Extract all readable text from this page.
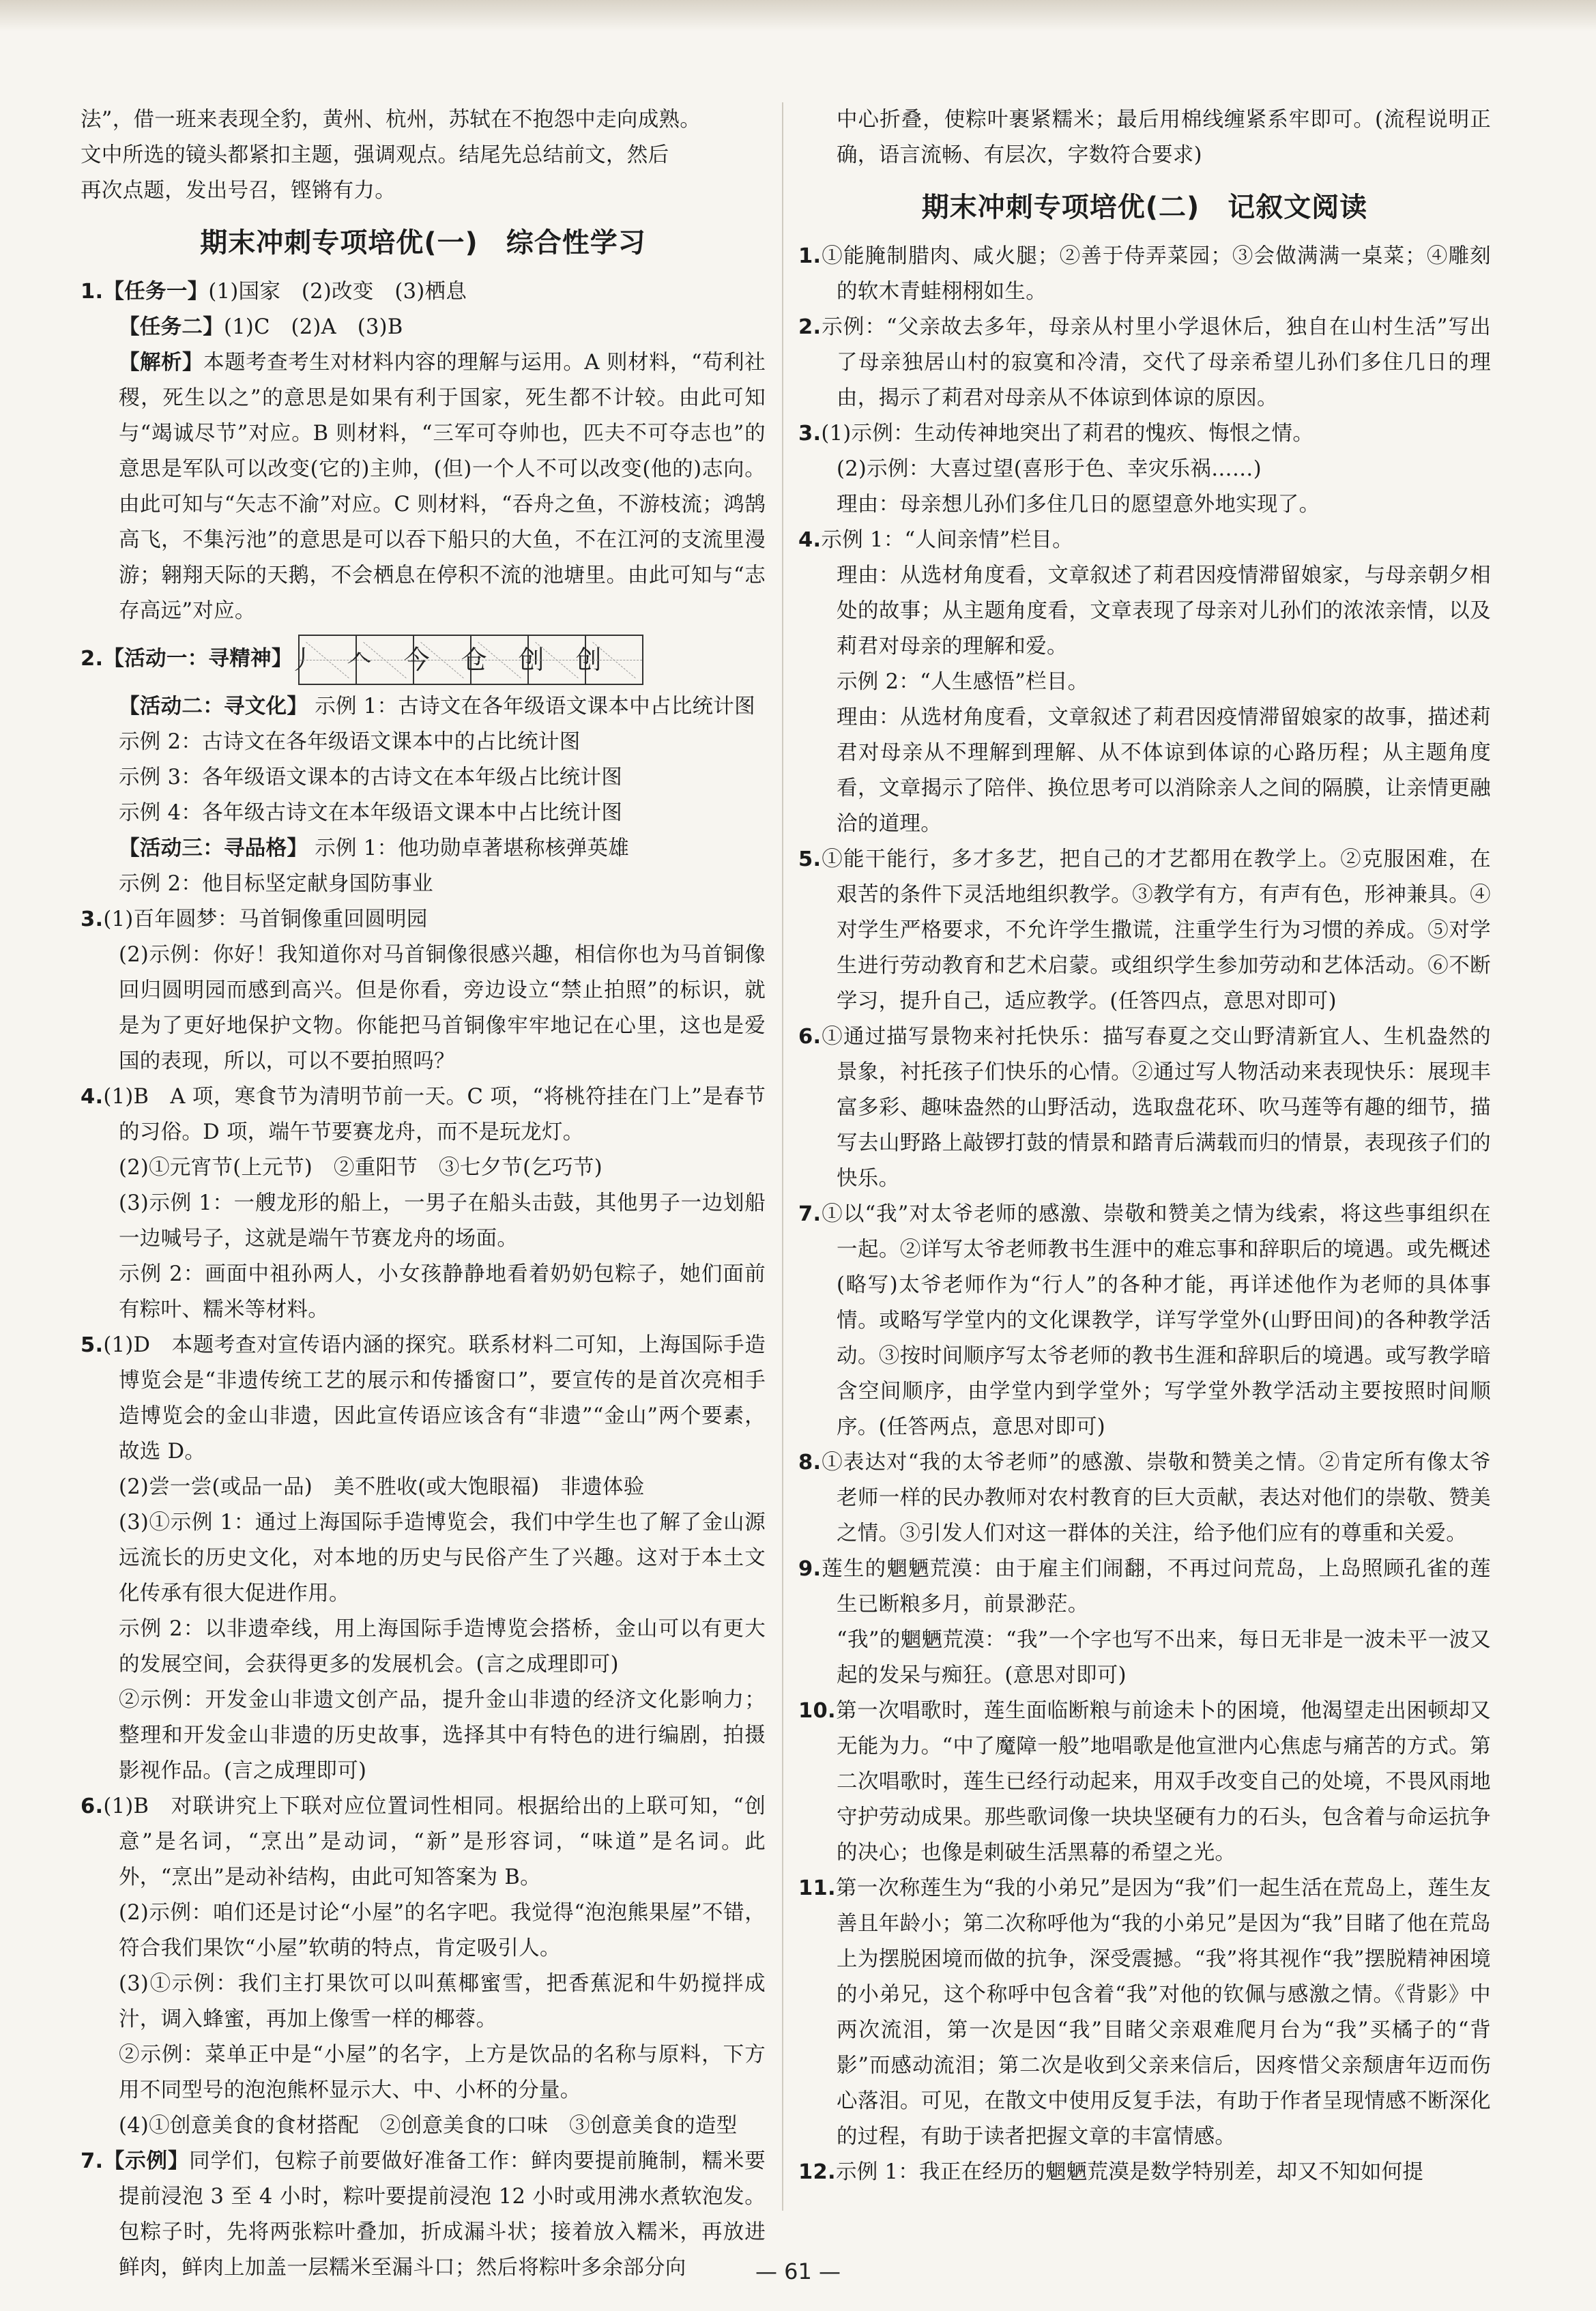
法”，借一班来表现全豹，黄州、杭州，苏轼在不抱怨中走向成熟。

文中所选的镜头都紧扣主题，强调观点。结尾先总结前文，然后

再次点题，发出号召，铿锵有力。

期末冲刺专项培优(一)　综合性学习

1.【任务一】(1)国家　(2)改变　(3)栖息

【任务二】(1)C　(2)A　(3)B

【解析】本题考查考生对材料内容的理解与运用。A 则材料，“苟利社稷，死生以之”的意思是如果有利于国家，死生都不计较。由此可知与“竭诚尽节”对应。B 则材料，“三军可夺帅也，匹夫不可夺志也”的意思是军队可以改变(它的)主帅，(但)一个人不可以改变(他的)志向。由此可知与“矢志不渝”对应。C 则材料，“吞舟之鱼，不游枝流；鸿鹄高飞，不集污池”的意思是可以吞下船只的大鱼，不在江河的支流里漫游；翱翔天际的天鹅，不会栖息在停积不流的池塘里。由此可知与“志存高远”对应。

2.【活动一：寻精神】
丿	𠆢	今	仓	创	创

【活动二：寻文化】 示例 1：古诗文在各年级语文课本中占比统计图

示例 2：古诗文在各年级语文课本中的占比统计图

示例 3：各年级语文课本的古诗文在本年级占比统计图

示例 4：各年级古诗文在本年级语文课本中占比统计图

【活动三：寻品格】 示例 1：他功勋卓著堪称核弹英雄

示例 2：他目标坚定献身国防事业

3.(1)百年圆梦：马首铜像重回圆明园

(2)示例：你好！我知道你对马首铜像很感兴趣，相信你也为马首铜像回归圆明园而感到高兴。但是你看，旁边设立“禁止拍照”的标识，就是为了更好地保护文物。你能把马首铜像牢牢地记在心里，这也是爱国的表现，所以，可以不要拍照吗？

4.(1)B　A 项，寒食节为清明节前一天。C 项，“将桃符挂在门上”是春节的习俗。D 项，端午节要赛龙舟，而不是玩龙灯。

(2)①元宵节(上元节)　②重阳节　③七夕节(乞巧节)

(3)示例 1：一艘龙形的船上，一男子在船头击鼓，其他男子一边划船一边喊号子，这就是端午节赛龙舟的场面。

示例 2：画面中祖孙两人，小女孩静静地看着奶奶包粽子，她们面前有粽叶、糯米等材料。

5.(1)D　本题考查对宣传语内涵的探究。联系材料二可知，上海国际手造博览会是“非遗传统工艺的展示和传播窗口”，要宣传的是首次亮相手造博览会的金山非遗，因此宣传语应该含有“非遗”“金山”两个要素，故选 D。

(2)尝一尝(或品一品)　美不胜收(或大饱眼福)　非遗体验

(3)①示例 1：通过上海国际手造博览会，我们中学生也了解了金山源远流长的历史文化，对本地的历史与民俗产生了兴趣。这对于本土文化传承有很大促进作用。

示例 2：以非遗牵线，用上海国际手造博览会搭桥，金山可以有更大的发展空间，会获得更多的发展机会。(言之成理即可)

②示例：开发金山非遗文创产品，提升金山非遗的经济文化影响力；整理和开发金山非遗的历史故事，选择其中有特色的进行编剧，拍摄影视作品。(言之成理即可)

6.(1)B　对联讲究上下联对应位置词性相同。根据给出的上联可知，“创意”是名词，“烹出”是动词，“新”是形容词，“味道”是名词。此外，“烹出”是动补结构，由此可知答案为 B。

(2)示例：咱们还是讨论“小屋”的名字吧。我觉得“泡泡熊果屋”不错，符合我们果饮“小屋”软萌的特点，肯定吸引人。

(3)①示例：我们主打果饮可以叫蕉椰蜜雪，把香蕉泥和牛奶搅拌成汁，调入蜂蜜，再加上像雪一样的椰蓉。

②示例：菜单正中是“小屋”的名字，上方是饮品的名称与原料，下方用不同型号的泡泡熊杯显示大、中、小杯的分量。

(4)①创意美食的食材搭配　②创意美食的口味　③创意美食的造型

7.【示例】同学们，包粽子前要做好准备工作：鲜肉要提前腌制，糯米要提前浸泡 3 至 4 小时，粽叶要提前浸泡 12 小时或用沸水煮软泡发。包粽子时，先将两张粽叶叠加，折成漏斗状；接着放入糯米，再放进鲜肉，鲜肉上加盖一层糯米至漏斗口；然后将粽叶多余部分向

中心折叠，使粽叶裹紧糯米；最后用棉线缠紧系牢即可。(流程说明正确，语言流畅、有层次，字数符合要求)

期末冲刺专项培优(二)　记叙文阅读

1.①能腌制腊肉、咸火腿；②善于侍弄菜园；③会做满满一桌菜；④雕刻的软木青蛙栩栩如生。

2.示例：“父亲故去多年，母亲从村里小学退休后，独自在山村生活”写出了母亲独居山村的寂寞和冷清，交代了母亲希望儿孙们多住几日的理由，揭示了莉君对母亲从不体谅到体谅的原因。

3.(1)示例：生动传神地突出了莉君的愧疚、悔恨之情。

(2)示例：大喜过望(喜形于色、幸灾乐祸……)

理由：母亲想儿孙们多住几日的愿望意外地实现了。

4.示例 1：“人间亲情”栏目。

理由：从选材角度看，文章叙述了莉君因疫情滞留娘家，与母亲朝夕相处的故事；从主题角度看，文章表现了母亲对儿孙们的浓浓亲情，以及莉君对母亲的理解和爱。

示例 2：“人生感悟”栏目。

理由：从选材角度看，文章叙述了莉君因疫情滞留娘家的故事，描述莉君对母亲从不理解到理解、从不体谅到体谅的心路历程；从主题角度看，文章揭示了陪伴、换位思考可以消除亲人之间的隔膜，让亲情更融洽的道理。

5.①能干能行，多才多艺，把自己的才艺都用在教学上。②克服困难，在艰苦的条件下灵活地组织教学。③教学有方，有声有色，形神兼具。④对学生严格要求，不允许学生撒谎，注重学生行为习惯的养成。⑤对学生进行劳动教育和艺术启蒙。或组织学生参加劳动和艺体活动。⑥不断学习，提升自己，适应教学。(任答四点，意思对即可)

6.①通过描写景物来衬托快乐：描写春夏之交山野清新宜人、生机盎然的景象，衬托孩子们快乐的心情。②通过写人物活动来表现快乐：展现丰富多彩、趣味盎然的山野活动，选取盘花环、吹马莲等有趣的细节，描写去山野路上敲锣打鼓的情景和踏青后满载而归的情景，表现孩子们的快乐。

7.①以“我”对太爷老师的感激、崇敬和赞美之情为线索，将这些事组织在一起。②详写太爷老师教书生涯中的难忘事和辞职后的境遇。或先概述(略写)太爷老师作为“行人”的各种才能，再详述他作为老师的具体事情。或略写学堂内的文化课教学，详写学堂外(山野田间)的各种教学活动。③按时间顺序写太爷老师的教书生涯和辞职后的境遇。或写教学暗含空间顺序，由学堂内到学堂外；写学堂外教学活动主要按照时间顺序。(任答两点，意思对即可)

8.①表达对“我的太爷老师”的感激、崇敬和赞美之情。②肯定所有像太爷老师一样的民办教师对农村教育的巨大贡献，表达对他们的崇敬、赞美之情。③引发人们对这一群体的关注，给予他们应有的尊重和关爱。

9.莲生的魍魉荒漠：由于雇主们闹翻，不再过问荒岛，上岛照顾孔雀的莲生已断粮多月，前景渺茫。

“我”的魍魉荒漠：“我”一个字也写不出来，每日无非是一波未平一波又起的发呆与痴狂。(意思对即可)

10.第一次唱歌时，莲生面临断粮与前途未卜的困境，他渴望走出困顿却又无能为力。“中了魔障一般”地唱歌是他宣泄内心焦虑与痛苦的方式。第二次唱歌时，莲生已经行动起来，用双手改变自己的处境，不畏风雨地守护劳动成果。那些歌词像一块块坚硬有力的石头，包含着与命运抗争的决心；也像是刺破生活黑幕的希望之光。

11.第一次称莲生为“我的小弟兄”是因为“我”们一起生活在荒岛上，莲生友善且年龄小；第二次称呼他为“我的小弟兄”是因为“我”目睹了他在荒岛上为摆脱困境而做的抗争，深受震撼。“我”将其视作“我”摆脱精神困境的小弟兄，这个称呼中包含着“我”对他的钦佩与感激之情。《背影》中两次流泪，第一次是因“我”目睹父亲艰难爬月台为“我”买橘子的“背影”而感动流泪；第二次是收到父亲来信后，因疼惜父亲颓唐年迈而伤心落泪。可见，在散文中使用反复手法，有助于作者呈现情感不断深化的过程，有助于读者把握文章的丰富情感。

12.示例 1：我正在经历的魍魉荒漠是数学特别差，却又不知如何提

— 61 —
